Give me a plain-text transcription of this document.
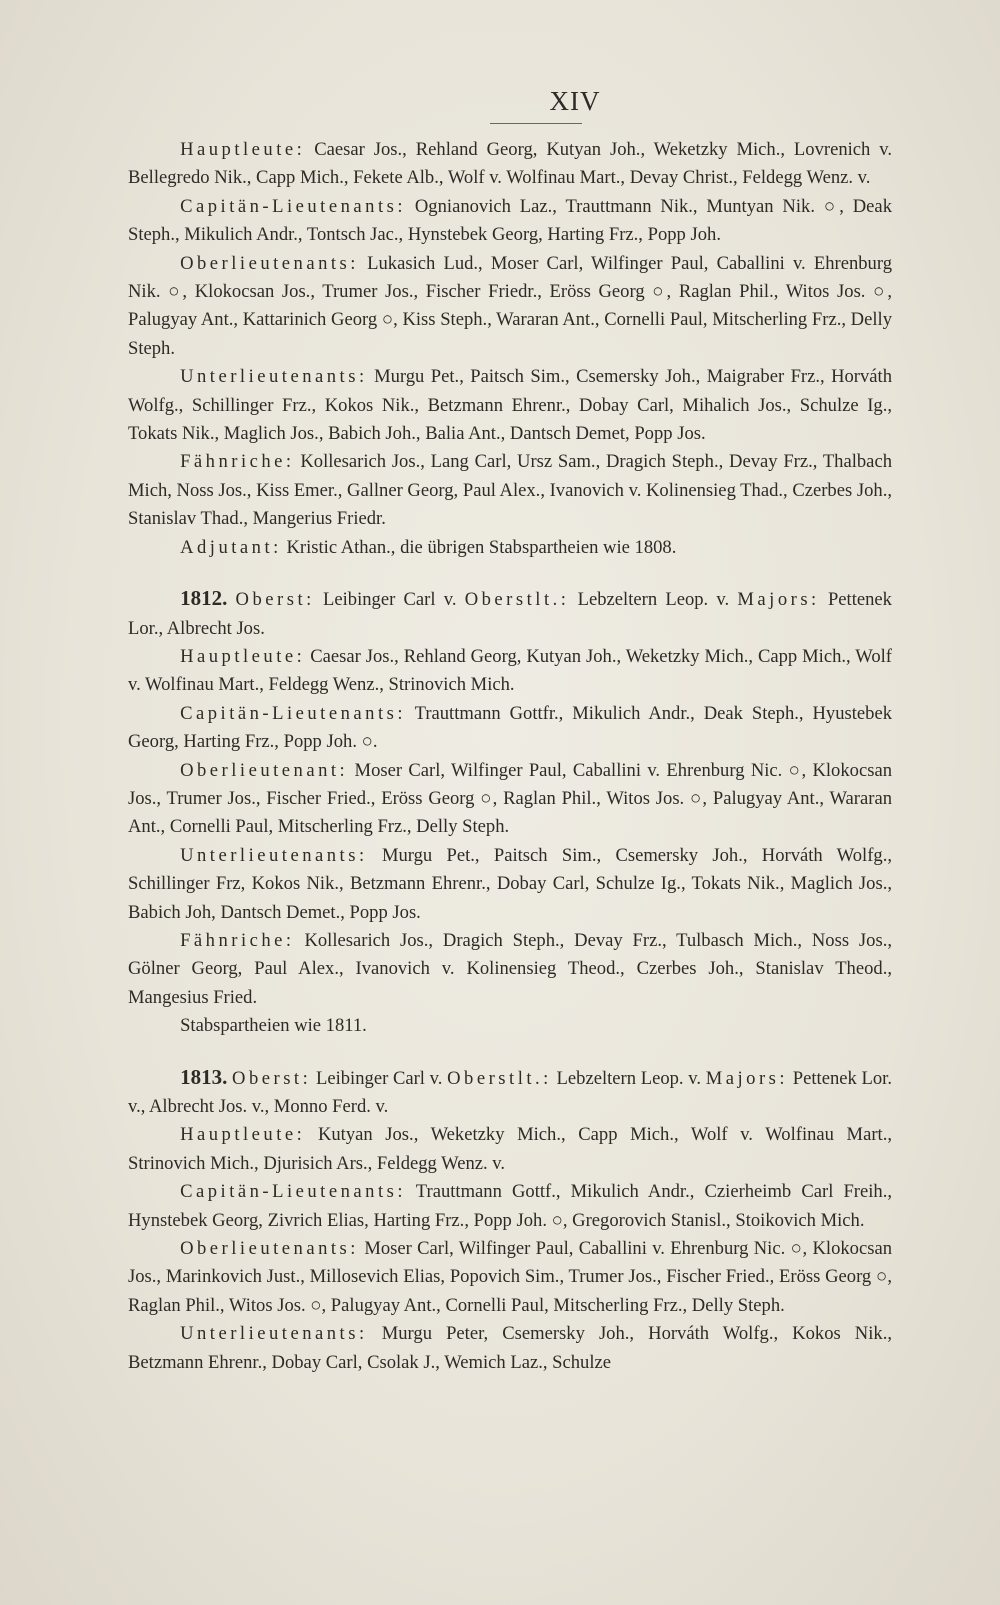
XIV

Hauptleute: Caesar Jos., Rehland Georg, Kutyan Joh., Weketzky Mich., Lovrenich v. Bellegredo Nik., Capp Mich., Fekete Alb., Wolf v. Wolfinau Mart., Devay Christ., Feldegg Wenz. v.

Capitän-Lieutenants: Ognianovich Laz., Trauttmann Nik., Muntyan Nik. ○, Deak Steph., Mikulich Andr., Tontsch Jac., Hynstebek Georg, Harting Frz., Popp Joh.

Oberlieutenants: Lukasich Lud., Moser Carl, Wilfinger Paul, Caballini v. Ehrenburg Nik. ○, Klokocsan Jos., Trumer Jos., Fischer Friedr., Eröss Georg ○, Raglan Phil., Witos Jos. ○, Palugyay Ant., Kattarinich Georg ○, Kiss Steph., Wararan Ant., Cornelli Paul, Mitscherling Frz., Delly Steph.

Unterlieutenants: Murgu Pet., Paitsch Sim., Csemersky Joh., Maigraber Frz., Horváth Wolfg., Schillinger Frz., Kokos Nik., Betzmann Ehrenr., Dobay Carl, Mihalich Jos., Schulze Ig., Tokats Nik., Maglich Jos., Babich Joh., Balia Ant., Dantsch Demet, Popp Jos.

Fähnriche: Kollesarich Jos., Lang Carl, Ursz Sam., Dragich Steph., Devay Frz., Thalbach Mich, Noss Jos., Kiss Emer., Gallner Georg, Paul Alex., Ivanovich v. Kolinensieg Thad., Czerbes Joh., Stanislav Thad., Mangerius Friedr.

Adjutant: Kristic Athan., die übrigen Stabspartheien wie 1808.

1812. Oberst: Leibinger Carl v. Oberstlt.: Lebzeltern Leop. v. Majors: Pettenek Lor., Albrecht Jos.

Hauptleute: Caesar Jos., Rehland Georg, Kutyan Joh., Weketzky Mich., Capp Mich., Wolf v. Wolfinau Mart., Feldegg Wenz., Strinovich Mich.

Capitän-Lieutenants: Trauttmann Gottfr., Mikulich Andr., Deak Steph., Hyustebek Georg, Harting Frz., Popp Joh. ○.

Oberlieutenant: Moser Carl, Wilfinger Paul, Caballini v. Ehrenburg Nic. ○, Klokocsan Jos., Trumer Jos., Fischer Fried., Eröss Georg ○, Raglan Phil., Witos Jos. ○, Palugyay Ant., Wararan Ant., Cornelli Paul, Mitscherling Frz., Delly Steph.

Unterlieutenants: Murgu Pet., Paitsch Sim., Csemersky Joh., Horváth Wolfg., Schillinger Frz, Kokos Nik., Betzmann Ehrenr., Dobay Carl, Schulze Ig., Tokats Nik., Maglich Jos., Babich Joh, Dantsch Demet., Popp Jos.

Fähnriche: Kollesarich Jos., Dragich Steph., Devay Frz., Tulbasch Mich., Noss Jos., Gölner Georg, Paul Alex., Ivanovich v. Kolinensieg Theod., Czerbes Joh., Stanislav Theod., Mangesius Fried.

Stabspartheien wie 1811.

1813. Oberst: Leibinger Carl v. Oberstlt.: Lebzeltern Leop. v. Majors: Pettenek Lor. v., Albrecht Jos. v., Monno Ferd. v.

Hauptleute: Kutyan Jos., Weketzky Mich., Capp Mich., Wolf v. Wolfinau Mart., Strinovich Mich., Djurisich Ars., Feldegg Wenz. v.

Capitän-Lieutenants: Trauttmann Gottf., Mikulich Andr., Czierheimb Carl Freih., Hynstebek Georg, Zivrich Elias, Harting Frz., Popp Joh. ○, Gregorovich Stanisl., Stoikovich Mich.

Oberlieutenants: Moser Carl, Wilfinger Paul, Caballini v. Ehrenburg Nic. ○, Klokocsan Jos., Marinkovich Just., Millosevich Elias, Popovich Sim., Trumer Jos., Fischer Fried., Eröss Georg ○, Raglan Phil., Witos Jos. ○, Palugyay Ant., Cornelli Paul, Mitscherling Frz., Delly Steph.

Unterlieutenants: Murgu Peter, Csemersky Joh., Horváth Wolfg., Kokos Nik., Betzmann Ehrenr., Dobay Carl, Csolak J., Wemich Laz., Schulze
